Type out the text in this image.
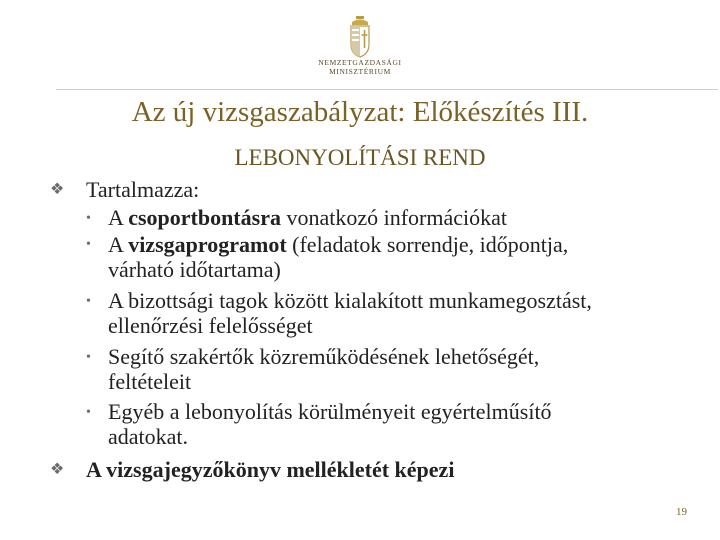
NEMZETGAZDASÁGI
MINISZTÉRIUM
Az új vizsgaszabályzat: Előkészítés III.
LEBONYOLÍTÁSI REND
❖ Tartalmazza:
• A csoportbontásra vonatkozó információkat
• A vizsgaprogramot (feladatok sorrendje, időpontja,
várható időtartama)
• A bizottsági tagok között kialakított munkamegosztást,
ellenőrzési felelősséget
• Segítő szakértők közreműködésének lehetőségét,
feltételeit
• Egyéb a lebonyolítás körülményeit egyértelműsítő
adatokat.
❖ A vizsgajegyzőkönyv mellékletét képezi
19
